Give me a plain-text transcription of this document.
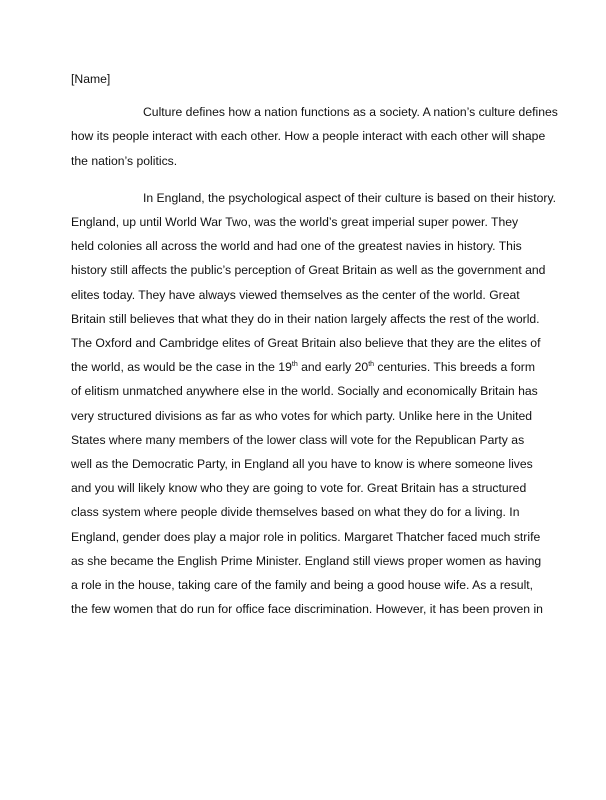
[Name]
Culture defines how a nation functions as a society. A nation’s culture defines
how its people interact with each other. How a people interact with each other will shape
the nation’s politics.
In England, the psychological aspect of their culture is based on their history.
England, up until World War Two, was the world’s great imperial super power. They
held colonies all across the world and had one of the greatest navies in history. This
history still affects the public’s perception of Great Britain as well as the government and
elites today. They have always viewed themselves as the center of the world. Great
Britain still believes that what they do in their nation largely affects the rest of the world.
The Oxford and Cambridge elites of Great Britain also believe that they are the elites of
the world, as would be the case in the 19th and early 20th centuries. This breeds a form
of elitism unmatched anywhere else in the world. Socially and economically Britain has
very structured divisions as far as who votes for which party. Unlike here in the United
States where many members of the lower class will vote for the Republican Party as
well as the Democratic Party, in England all you have to know is where someone lives
and you will likely know who they are going to vote for. Great Britain has a structured
class system where people divide themselves based on what they do for a living. In
England, gender does play a major role in politics. Margaret Thatcher faced much strife
as she became the English Prime Minister. England still views proper women as having
a role in the house, taking care of the family and being a good house wife. As a result,
the few women that do run for office face discrimination. However, it has been proven in
